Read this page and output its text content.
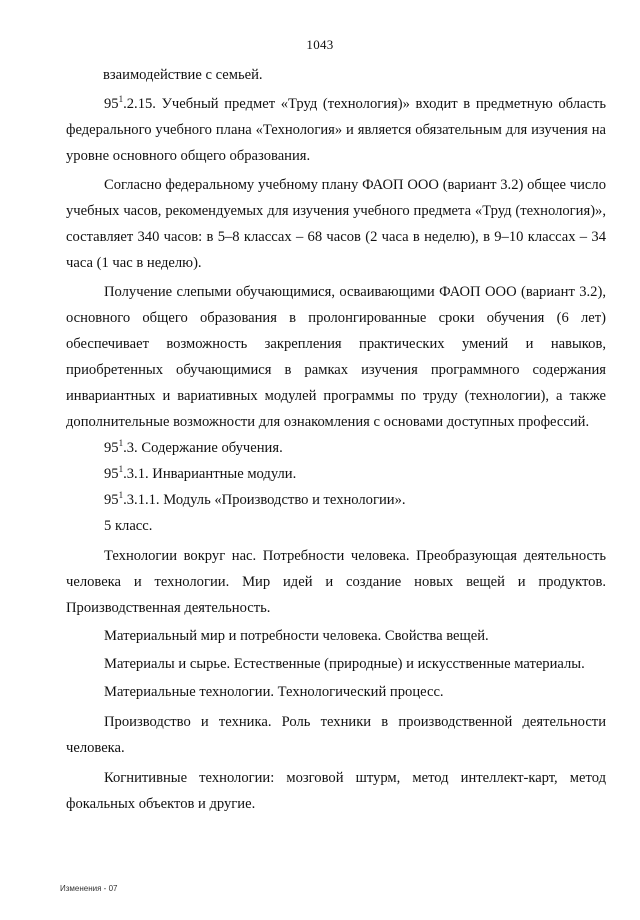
1043

взаимодействие с семьей.

$95^1.2.15$. Учебный предмет «Труд (технология)» входит в предметную область федерального учебного плана «Технология» и является обязательным для изучения на уровне основного общего образования.

Согласно федеральному учебному плану ФАОП ООО (вариант 3.2) общее число учебных часов, рекомендуемых для изучения учебного предмета «Труд (технология)», составляет 340 часов: в 5–8 классах – 68 часов (2 часа в неделю), в 9–10 классах – 34 часа (1 час в неделю).

Получение слепыми обучающимися, осваивающими ФАОП ООО (вариант 3.2), основного общего образования в пролонгированные сроки обучения (6 лет) обеспечивает возможность закрепления практических умений и навыков, приобретенных обучающимися в рамках изучения программного содержания инвариантных и вариативных модулей программы по труду (технологии), а также дополнительные возможности для ознакомления с основами доступных профессий.

$95^1.3$. Содержание обучения.

$95^1.3.1$. Инвариантные модули.

$95^1.3.1.1$. Модуль «Производство и технологии».

5 класс.

Технологии вокруг нас. Потребности человека. Преобразующая деятельность человека и технологии. Мир идей и создание новых вещей и продуктов. Производственная деятельность.

Материальный мир и потребности человека. Свойства вещей.

Материалы и сырье. Естественные (природные) и искусственные материалы.

Материальные технологии. Технологический процесс.

Производство и техника. Роль техники в производственной деятельности человека.

Когнитивные технологии: мозговой штурм, метод интеллект-карт, метод фокальных объектов и другие.

Изменения - 07
